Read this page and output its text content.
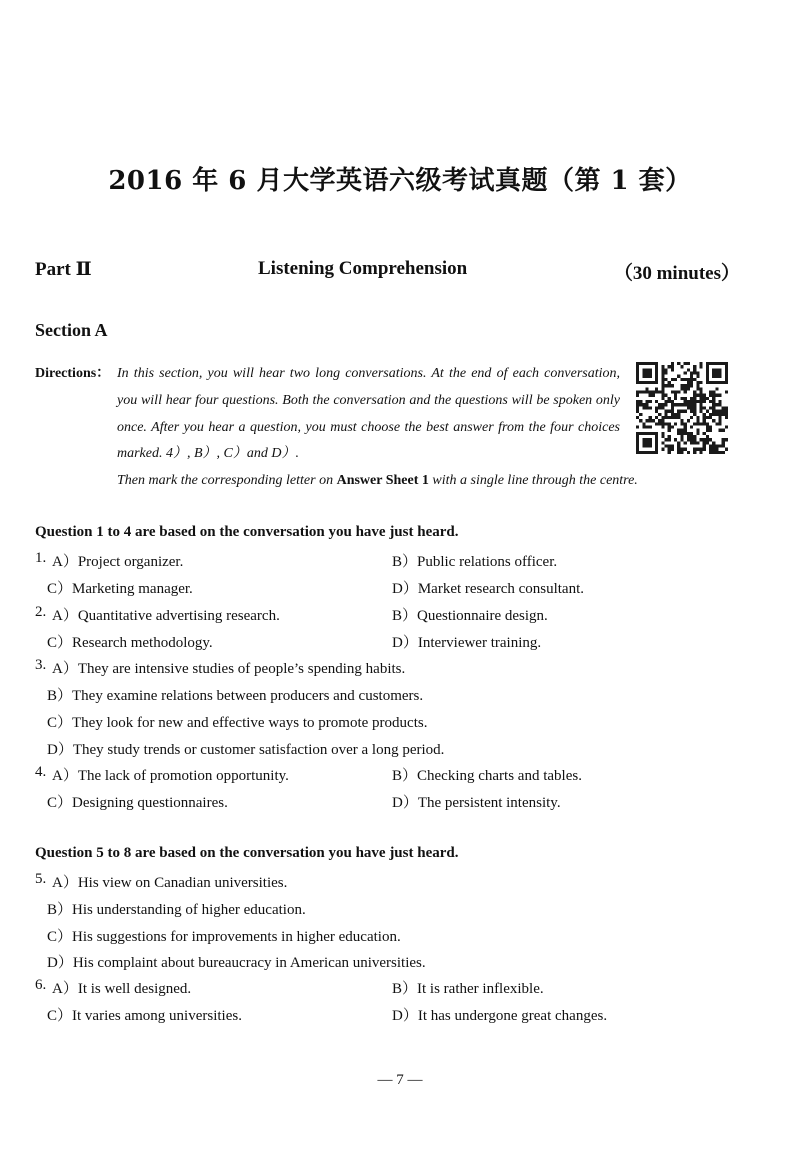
2016 年 6 月大学英语六级考试真题（第 1 套）
Part Ⅱ	Listening Comprehension	（30 minutes）
Section A
Directions： In this section, you will hear two long conversations. At the end of each conversation, you will hear four questions. Both the conversation and the questions will be spoken only once. After you hear a question, you must choose the best answer from the four choices marked. 4）, B）, C）and D）.
Then mark the corresponding letter on Answer Sheet 1 with a single line through the centre.

Question 1 to 4 are based on the conversation you have just heard.

1. A）Project organizer.	B）Public relations officer.
C）Marketing manager.	D）Market research consultant.
2. A）Quantitative advertising research.	B）Questionnaire design.
C）Research methodology.	D）Interviewer training.
3. A）They are intensive studies of people’s spending habits.
B）They examine relations between producers and customers.
C）They look for new and effective ways to promote products.
D）They study trends or customer satisfaction over a long period.
4. A）The lack of promotion opportunity.	B）Checking charts and tables.
C）Designing questionnaires.	D）The persistent intensity.

Question 5 to 8 are based on the conversation you have just heard.

5. A）His view on Canadian universities.
B）His understanding of higher education.
C）His suggestions for improvements in higher education.
D）His complaint about bureaucracy in American universities.
6. A）It is well designed.	B）It is rather inflexible.
C）It varies among universities.	D）It has undergone great changes.
— 7 —
